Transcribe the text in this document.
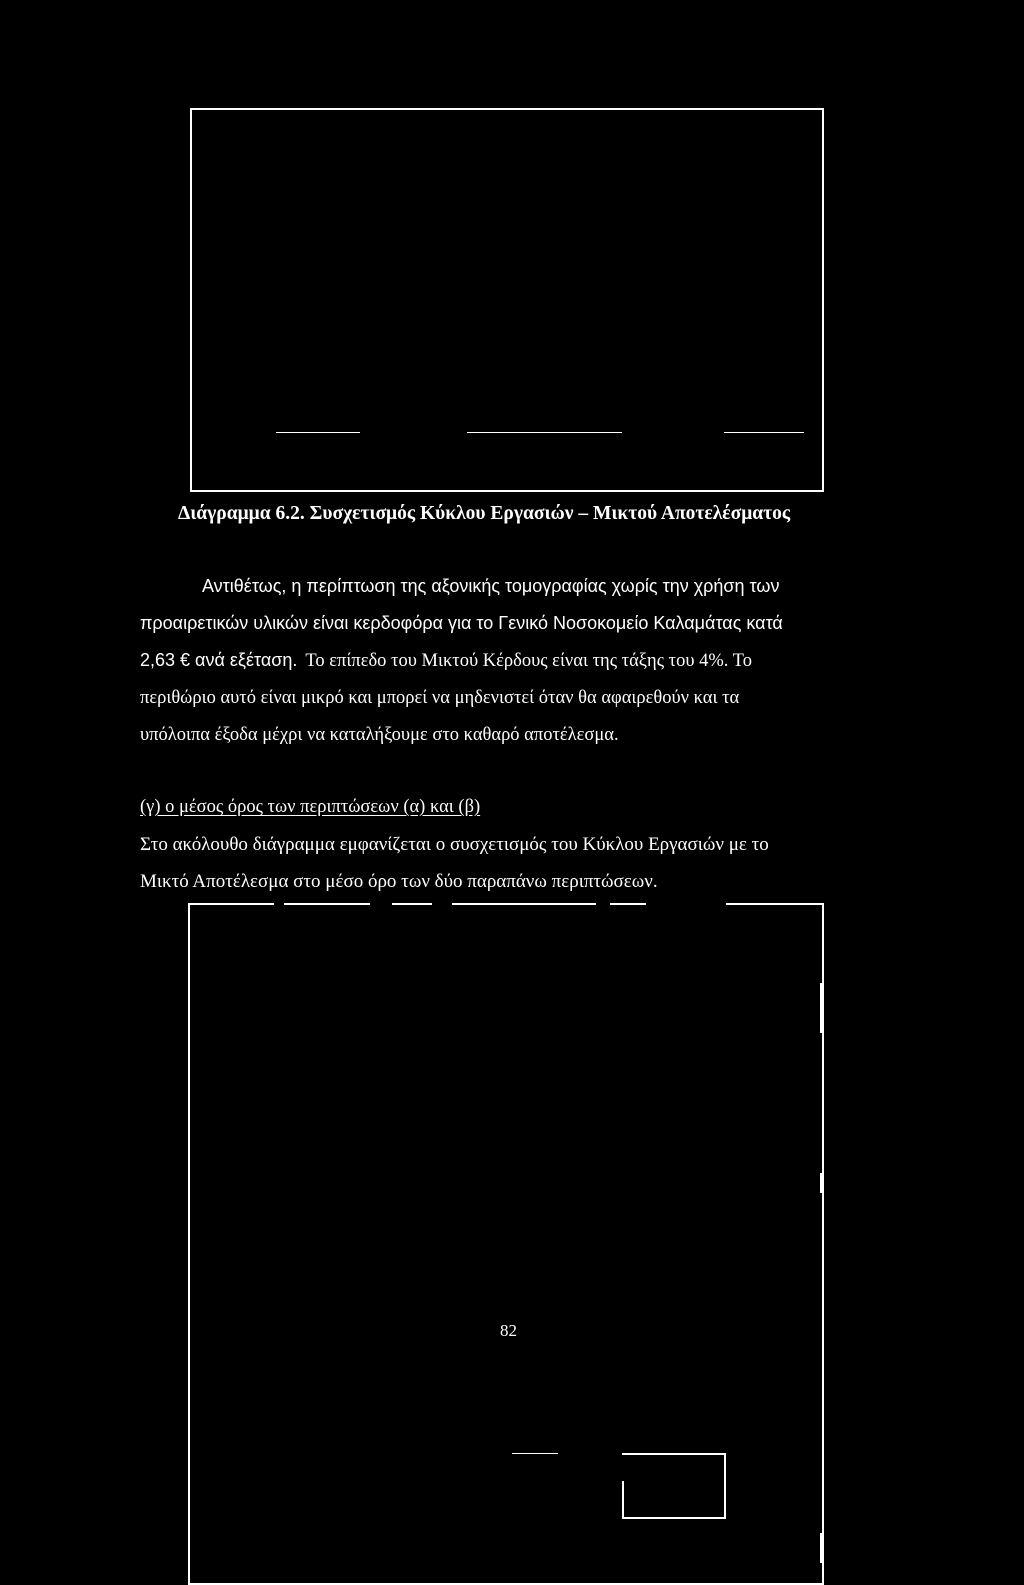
Διάγραμμα 6.2. Συσχετισμός Κύκλου Εργασιών – Μικτού Αποτελέσματος
Αντιθέτως, η περίπτωση της αξονικής τομογραφίας χωρίς την χρήση των
προαιρετικών υλικών είναι κερδοφόρα για το Γενικό Νοσοκομείο Καλαμάτας κατά
2,63 € ανά εξέταση. Το επίπεδο του Μικτού Κέρδους είναι της τάξης του 4%. Το
περιθώριο αυτό είναι μικρό και μπορεί να μηδενιστεί όταν θα αφαιρεθούν και τα
υπόλοιπα έξοδα μέχρι να καταλήξουμε στο καθαρό αποτέλεσμα.
(γ) ο μέσος όρος των περιπτώσεων (α) και (β)
Στο ακόλουθο διάγραμμα εμφανίζεται ο συσχετισμός του Κύκλου Εργασιών με το
Μικτό Αποτέλεσμα στο μέσο όρο των δύο παραπάνω περιπτώσεων.
82
